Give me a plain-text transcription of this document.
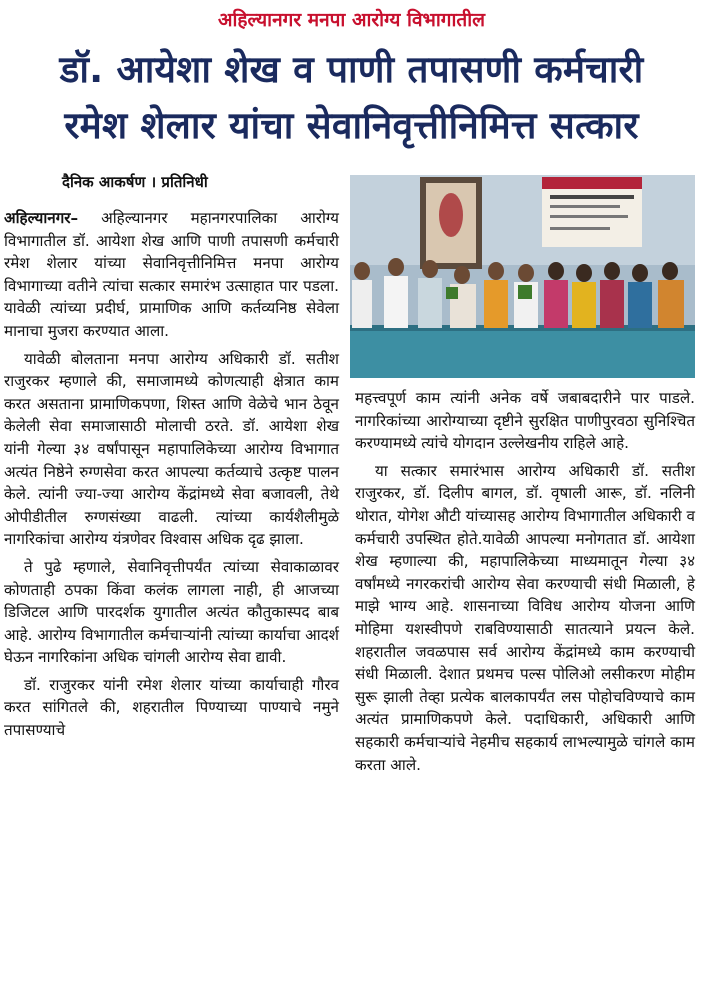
अहिल्यानगर मनपा आरोग्य विभागातील
डॉ. आयेशा शेख व पाणी तपासणी कर्मचारी
रमेश शेलार यांचा सेवानिवृत्तीनिमित्त सत्कार
दैनिक आकर्षण । प्रतिनिधी

अहिल्यानगर– अहिल्यानगर महानगरपालिका आरोग्य विभागातील डॉ. आयेशा शेख आणि पाणी तपासणी कर्मचारी रमेश शेलार यांच्या सेवानिवृत्तीनिमित्त मनपा आरोग्य विभागाच्या वतीने त्यांचा सत्कार समारंभ उत्साहात पार पडला. यावेळी त्यांच्या प्रदीर्घ, प्रामाणिक आणि कर्तव्यनिष्ठ सेवेला मानाचा मुजरा करण्यात आला.

यावेळी बोलताना मनपा आरोग्य अधिकारी डॉ. सतीश राजुरकर म्हणाले की, समाजामध्ये कोणत्याही क्षेत्रात काम करत असताना प्रामाणिकपणा, शिस्त आणि वेळेचे भान ठेवून केलेली सेवा समाजासाठी मोलाची ठरते. डॉ. आयेशा शेख यांनी गेल्या ३४ वर्षांपासून महापालिकेच्या आरोग्य विभागात अत्यंत निष्ठेने रुग्णसेवा करत आपल्या कर्तव्याचे उत्कृष्ट पालन केले. त्यांनी ज्या-ज्या आरोग्य केंद्रांमध्ये सेवा बजावली, तेथे ओपीडीतील रुग्णसंख्या वाढली. त्यांच्या कार्यशैलीमुळे नागरिकांचा आरोग्य यंत्रणेवर विश्वास अधिक दृढ झाला.

ते पुढे म्हणाले, सेवानिवृत्तीपर्यंत त्यांच्या सेवाकाळावर कोणताही ठपका किंवा कलंक लागला नाही, ही आजच्या डिजिटल आणि पारदर्शक युगातील अत्यंत कौतुकास्पद बाब आहे. आरोग्य विभागातील कर्मचाऱ्यांनी त्यांच्या कार्याचा आदर्श घेऊन नागरिकांना अधिक चांगली आरोग्य सेवा द्यावी.

डॉ. राजुरकर यांनी रमेश शेलार यांच्या कार्याचाही गौरव करत सांगितले की, शहरातील पिण्याच्या पाण्याचे नमुने तपासण्याचे

महत्त्वपूर्ण काम त्यांनी अनेक वर्षे जबाबदारीने पार पाडले. नागरिकांच्या आरोग्याच्या दृष्टीने सुरक्षित पाणीपुरवठा सुनिश्चित करण्यामध्ये त्यांचे योगदान उल्लेखनीय राहिले आहे.

या सत्कार समारंभास आरोग्य अधिकारी डॉ. सतीश राजुरकर, डॉ. दिलीप बागल, डॉ. वृषाली आरू, डॉ. नलिनी थोरात, योगेश औटी यांच्यासह आरोग्य विभागातील अधिकारी व कर्मचारी उपस्थित होते.यावेळी आपल्या मनोगतात डॉ. आयेशा शेख म्हणाल्या की, महापालिकेच्या माध्यमातून गेल्या ३४ वर्षांमध्ये नगरकरांची आरोग्य सेवा करण्याची संधी मिळाली, हे माझे भाग्य आहे. शासनाच्या विविध आरोग्य योजना आणि मोहिमा यशस्वीपणे राबविण्यासाठी सातत्याने प्रयत्न केले. शहरातील जवळपास सर्व आरोग्य केंद्रांमध्ये काम करण्याची संधी मिळाली. देशात प्रथमच पल्स पोलिओ लसीकरण मोहीम सुरू झाली तेव्हा प्रत्येक बालकापर्यंत लस पोहोचविण्याचे काम अत्यंत प्रामाणिकपणे केले. पदाधिकारी, अधिकारी आणि सहकारी कर्मचाऱ्यांचे नेहमीच सहकार्य लाभल्यामुळे चांगले काम करता आले.
